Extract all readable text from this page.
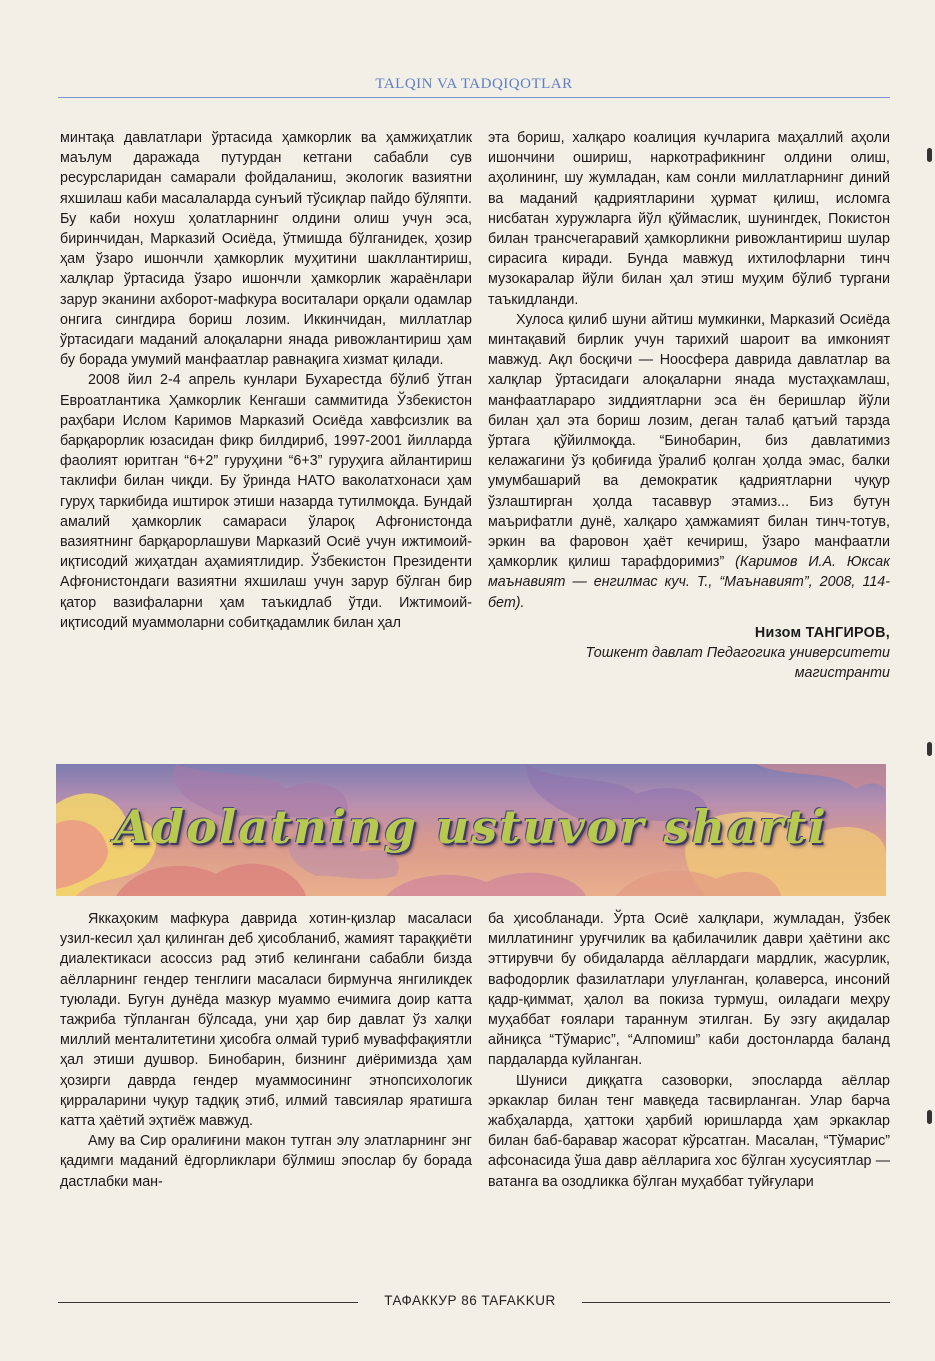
TALQIN VA TADQIQOTLAR

минтақа давлатлари ўртасида ҳамкорлик ва ҳамжиҳатлик маълум даражада путурдан кетгани сабабли сув ресурсларидан самарали фойдаланиш, экологик вазиятни яхшилаш каби масалаларда сунъий тўсиқлар пайдо бўляпти. Бу каби нохуш ҳолатларнинг олдини олиш учун эса, биринчидан, Марказий Осиёда, ўтмишда бўлганидек, ҳозир ҳам ўзаро ишончли ҳамкорлик муҳитини шакллантириш, халқлар ўртасида ўзаро ишончли ҳамкорлик жараёнлари зарур эканини ахборот-мафкура воситалари орқали одамлар онгига сингдира бориш лозим. Иккинчидан, миллатлар ўртасидаги маданий алоқаларни янада ривожлантириш ҳам бу борада умумий манфаатлар равнақига хизмат қилади.

2008 йил 2-4 апрель кунлари Бухарестда бўлиб ўтган Евроатлантика Ҳамкорлик Кенгаши саммитида Ўзбекистон раҳбари Ислом Каримов Марказий Осиёда хавфсизлик ва барқарорлик юзасидан фикр билдириб, 1997-2001 йилларда фаолият юритган “6+2” гуруҳини “6+3” гуруҳига айлантириш таклифи билан чиқди. Бу ўринда НАТО ваколатхонаси ҳам гуруҳ таркибида иштирок этиши назарда тутилмоқда. Бундай амалий ҳамкорлик самараси ўлароқ Афғонистонда вазиятнинг барқарорлашуви Марказий Осиё учун ижтимоий-иқтисодий жиҳатдан аҳамиятлидир. Ўзбекистон Президенти Афғонистондаги вазиятни яхшилаш учун зарур бўлган бир қатор вазифаларни ҳам таъкидлаб ўтди. Ижтимоий-иқтисодий муаммоларни собитқадамлик билан ҳал

эта бориш, халқаро коалиция кучларига маҳаллий аҳоли ишончини ошириш, наркотрафикнинг олдини олиш, аҳолининг, шу жумладан, кам сонли миллатларнинг диний ва маданий қадриятларини ҳурмат қилиш, исломга нисбатан хуружларга йўл қўймаслик, шунингдек, Покистон билан трансчегаравий ҳамкорликни ривожлантириш шулар сирасига киради. Бунда мавжуд ихтилофларни тинч музокаралар йўли билан ҳал этиш муҳим бўлиб тургани таъкидланди.

Хулоса қилиб шуни айтиш мумкинки, Марказий Осиёда минтақавий бирлик учун тарихий шароит ва имконият мавжуд. Ақл босқичи — Ноосфера даврида давлатлар ва халқлар ўртасидаги алоқаларни янада мустаҳкамлаш, манфаатлараро зиддиятларни эса ён беришлар йўли билан ҳал эта бориш лозим, деган талаб қатъий тарзда ўртага қўйилмоқда. “Бинобарин, биз давлатимиз келажагини ўз қобиғида ўралиб қолган ҳолда эмас, балки умумбашарий ва демократик қадриятларни чуқур ўзлаштирган ҳолда тасаввур этамиз... Биз бутун маърифатли дунё, халқаро ҳамжамият билан тинч-тотув, эркин ва фаровон ҳаёт кечириш, ўзаро манфаатли ҳамкорлик қилиш тарафдоримиз” (Каримов И.А. Юксак маънавият — енгилмас куч. Т., “Маънавият”, 2008, 114-бет).

Низом ТАНГИРОВ,

Тошкент давлат Педагогика университети магистранти

Adolatning ustuvor sharti

Яккаҳоким мафкура даврида хотин-қизлар масаласи узил-кесил ҳал қилинган деб ҳисобланиб, жамият тараққиёти диалектикаси асоссиз рад этиб келингани сабабли бизда аёлларнинг гендер тенглиги масаласи бирмунча янгиликдек туюлади. Бугун дунёда мазкур муаммо ечимига доир катта тажриба тўпланган бўлсада, уни ҳар бир давлат ўз халқи миллий менталитетини ҳисобга олмай туриб муваффақиятли ҳал этиши душвор. Бинобарин, бизнинг диёримизда ҳам ҳозирги даврда гендер муаммосининг этнопсихологик қирраларини чуқур тадқиқ этиб, илмий тавсиялар яратишга катта ҳаётий эҳтиёж мавжуд.

Аму ва Сир оралиғини макон тутган элу элатларнинг энг қадимги маданий ёдгорликлари бўлмиш эпослар бу борада дастлабки ман-

ба ҳисобланади. Ўрта Осиё халқлари, жумладан, ўзбек миллатининг уруғчилик ва қабилачилик даври ҳаётини акс эттирувчи бу обидаларда аёллардаги мардлик, жасурлик, вафодорлик фазилатлари улуғланган, қолаверса, инсоний қадр-қиммат, ҳалол ва покиза турмуш, оиладаги меҳру муҳаббат ғоялари тараннум этилган. Бу эзгу ақидалар айниқса “Тўмарис”, “Алпомиш” каби достонларда баланд пардаларда куйланган.

Шуниси диққатга сазоворки, эпосларда аёллар эркаклар билан тенг мавқеда тасвирланган. Улар барча жабҳаларда, ҳаттоки ҳарбий юришларда ҳам эркаклар билан баб-баравар жасорат кўрсатган. Масалан, “Тўмарис” афсонасида ўша давр аёлларига хос бўлган хусусиятлар — ватанга ва озодликка бўлган муҳаббат туйғулари

ТАФАККУР 86 TAFAKKUR
